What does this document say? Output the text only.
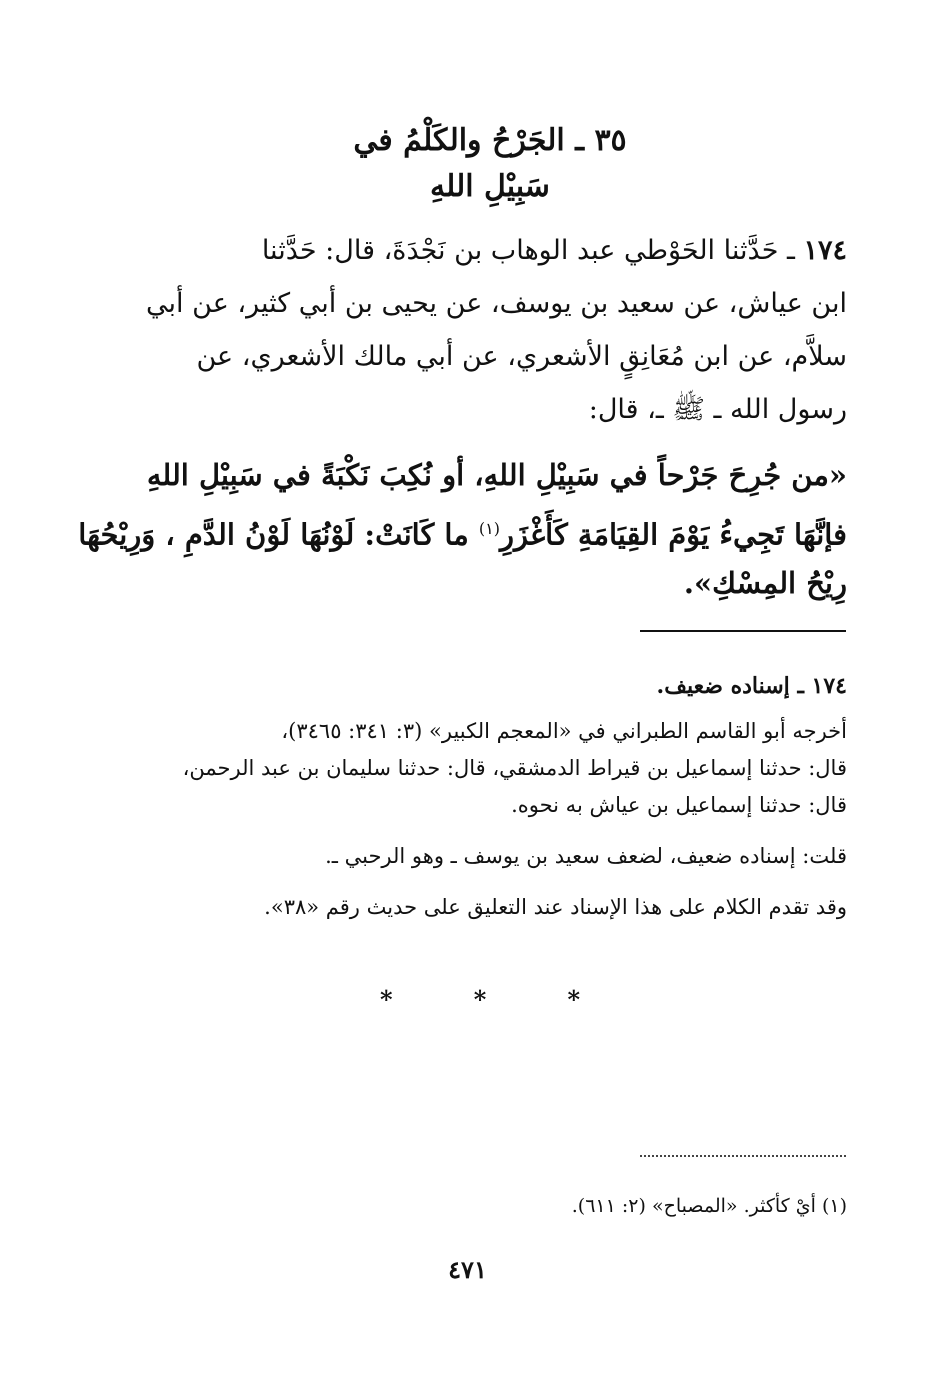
٣٥ ـ الجَرْحُ والكَلْمُ في
سَبِيْلِ اللهِ
١٧٤ ـ حَدَّثنا الحَوْطي عبد الوهاب بن نَجْدَةَ، قال: حَدَّثنا
ابن عياش، عن سعيد بن يوسف، عن يحيى بن أبي كثير، عن أبي
سلاَّم، عن ابن مُعَانِقٍ الأشعري، عن أبي مالك الأشعري، عن
رسول الله ـ ﷺ ـ، قال:
«من جُرِحَ جَرْحاً في سَبِيْلِ اللهِ، أو نُكِبَ نَكْبَةً في سَبِيْلِ اللهِ
فإنَّهَا تَجِيءُ يَوْمَ القِيَامَةِ كَأَغْزَرِ$^{(١)}$ ما كَانَتْ: لَوْنُهَا لَوْنُ الدَّمِ ، وَرِيْحُهَا
رِيْحُ المِسْكِ».
١٧٤ ـ إسناده ضعيف.
أخرجه أبو القاسم الطبراني في «المعجم الكبير» (٣: ٣٤١: ٣٤٦٥)،
قال: حدثنا إسماعيل بن قيراط الدمشقي، قال: حدثنا سليمان بن عبد الرحمن،
قال: حدثنا إسماعيل بن عياش به نحوه.
قلت: إسناده ضعيف، لضعف سعيد بن يوسف ـ وهو الرحبي ـ.
وقد تقدم الكلام على هذا الإسناد عند التعليق على حديث رقم «٣٨».
*	*	*
(١) أيْ كأكثر. «المصباح» (٢: ٦١١).
٤٧١
